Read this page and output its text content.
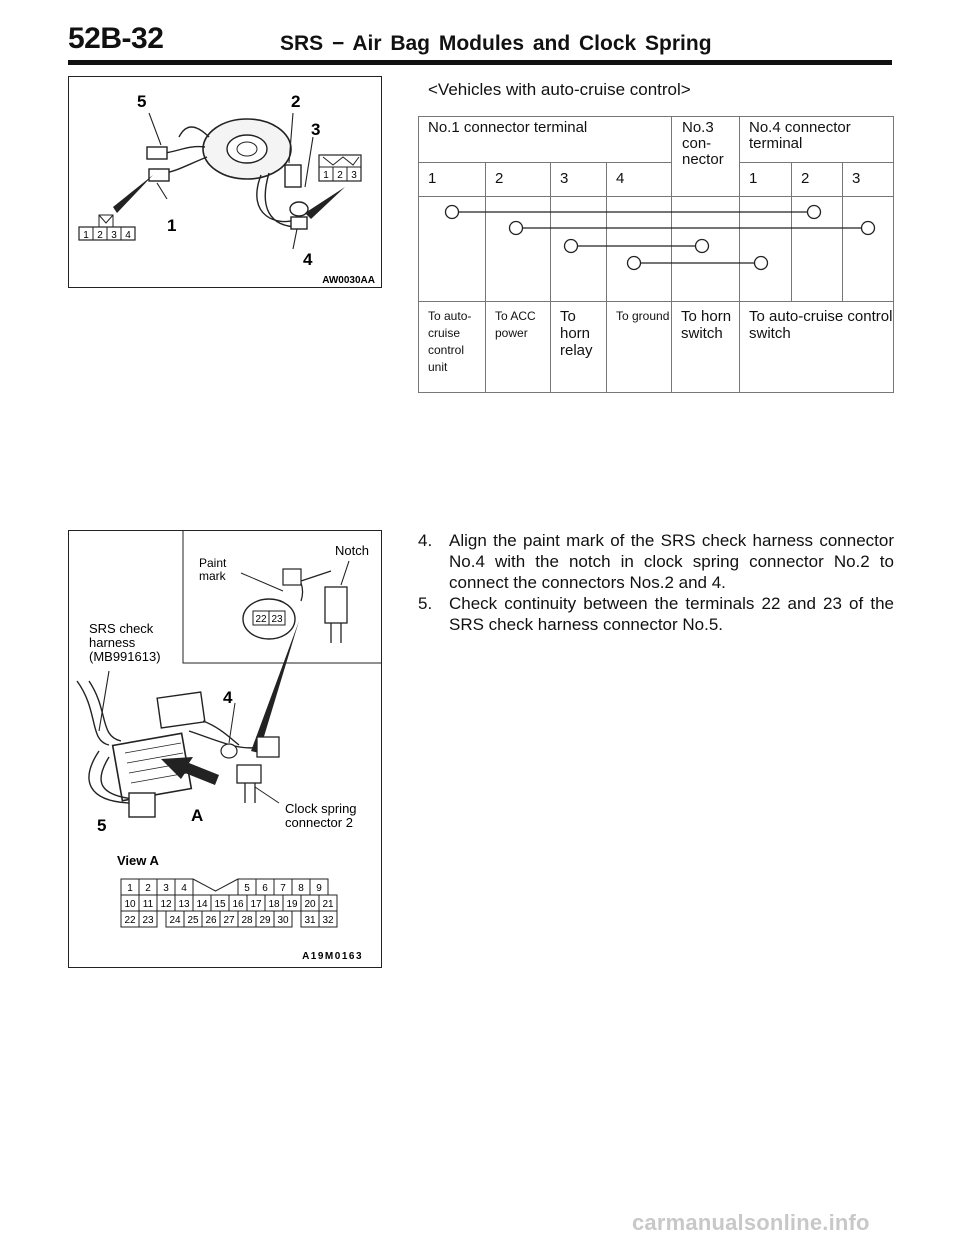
52B-32	SRS − Air Bag Modules and Clock Spring
1 2 3 4
1 2 3
5	2
3
1
4
AW0030AA
<Vehicles with auto-cruise control>
No.1 connector terminal				No.3 con- nector	No.4 connector terminal		
1	2	3	4		1	2	3

To auto- cruise control unit	To ACC power	To horn relay	To ground	To horn switch	To auto-cruise control switch		
Notch
Paint mark
22 23
SRS check harness (MB991613)
4
5
A	Clock spring connector 2
View A
1 2 3 4	5 6 7 8 9
10 11 12 13 14 15 16 17 18 19 20 21
22 23 24 25 26 27 28 29 30 31 32
A19M0163
4. Align the paint mark of the SRS check harness connector No.4 with the notch in clock spring connector No.2 to connect the connectors Nos.2 and 4.
5. Check continuity between the terminals 22 and 23 of the SRS check harness connector No.5.
carmanualsonline.info
